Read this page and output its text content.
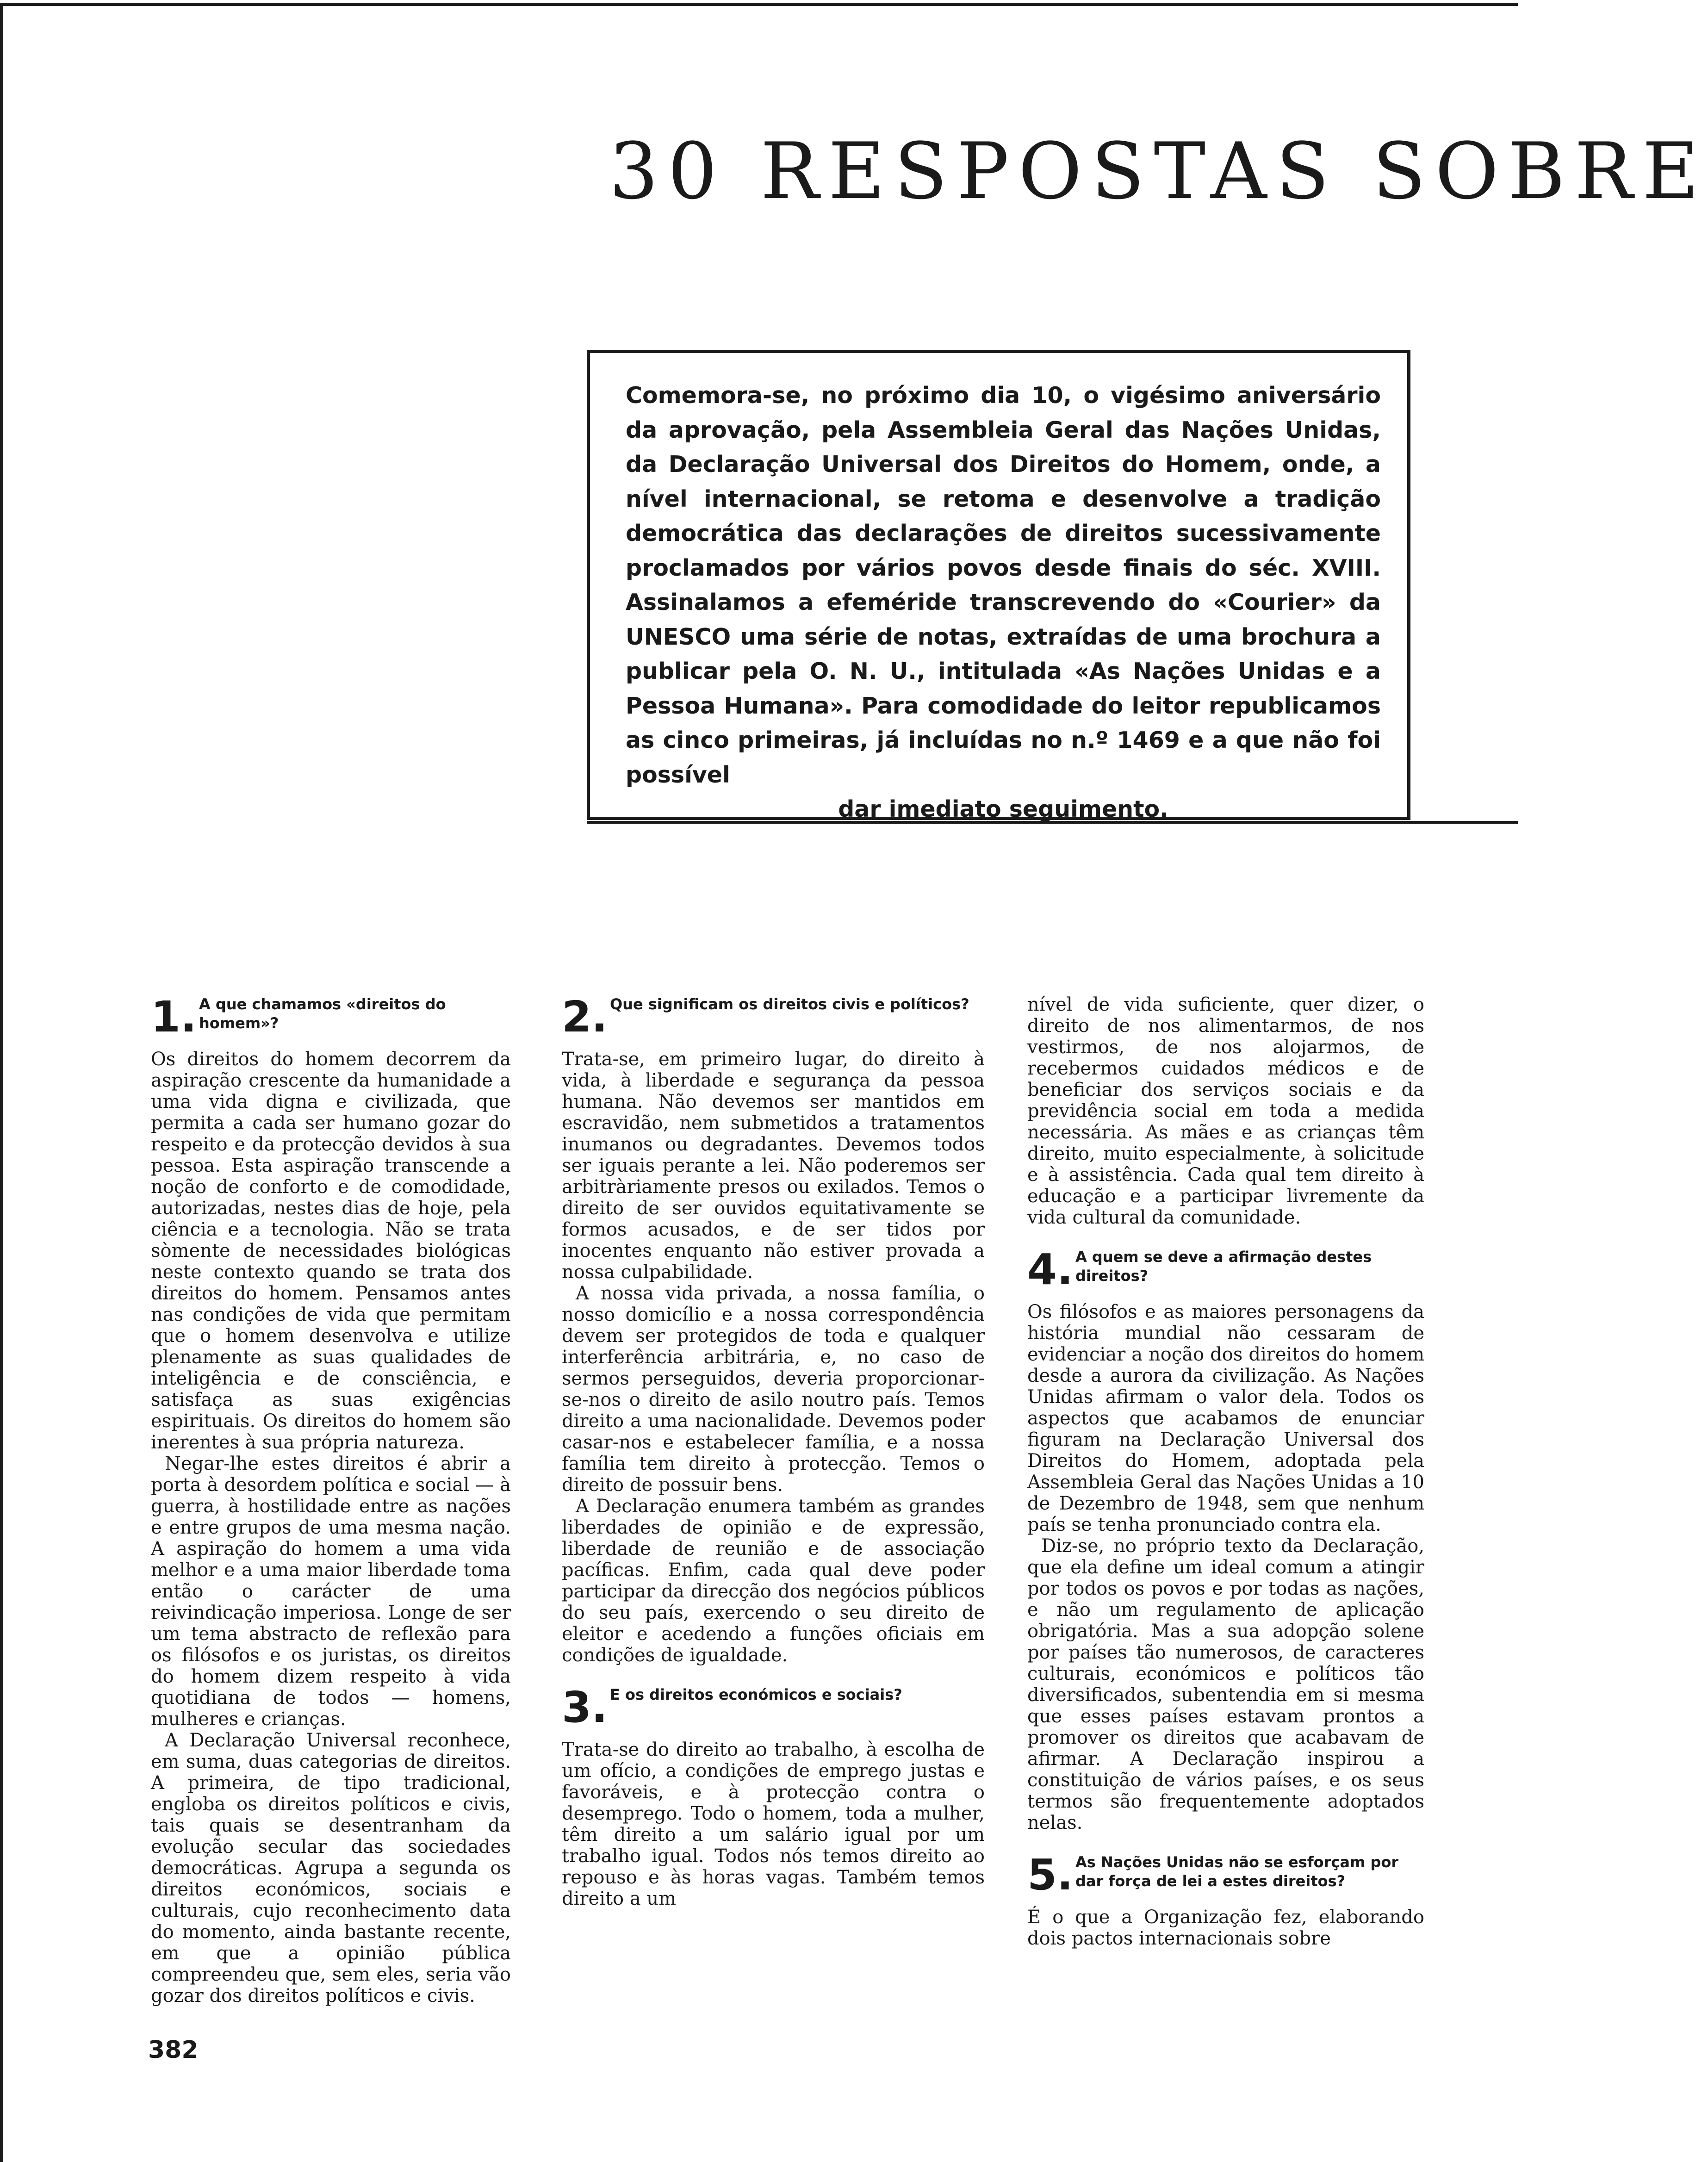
30 RESPOSTAS SOBRE

Comemora-se, no próximo dia 10, o vigésimo aniversário da aprovação, pela Assembleia Geral das Nações Unidas, da Declaração Universal dos Direitos do Homem, onde, a nível internacional, se retoma e desenvolve a tradição democrática das declarações de direitos sucessivamente proclamados por vários povos desde finais do séc. XVIII. Assinalamos a efeméride transcrevendo do «Courier» da UNESCO uma série de notas, extraídas de uma brochura a publicar pela O. N. U., intitulada «As Nações Unidas e a Pessoa Humana». Para comodidade do leitor republicamos as cinco primeiras, já incluídas no n.º 1469 e a que não foi possível
dar imediato seguimento.

1. A que chamamos «direitos do homem»?

Os direitos do homem decorrem da aspiração crescente da humanidade a uma vida digna e civilizada, que permita a cada ser humano gozar do respeito e da protecção devidos à sua pessoa. Esta aspiração transcende a noção de conforto e de comodidade, autorizadas, nestes dias de hoje, pela ciência e a tecnologia. Não se trata sòmente de necessidades biológicas neste contexto quando se trata dos direitos do homem. Pensamos antes nas condições de vida que permitam que o homem desenvolva e utilize plenamente as suas qualidades de inteligência e de consciência, e satisfaça as suas exigências espirituais. Os direitos do homem são inerentes à sua própria natureza.

Negar-lhe estes direitos é abrir a porta à desordem política e social — à guerra, à hostilidade entre as nações e entre grupos de uma mesma nação. A aspiração do homem a uma vida melhor e a uma maior liberdade toma então o carácter de uma reivindicação imperiosa. Longe de ser um tema abstracto de reflexão para os filósofos e os juristas, os direitos do homem dizem respeito à vida quotidiana de todos — homens, mulheres e crianças.

A Declaração Universal reconhece, em suma, duas categorias de direitos. A primeira, de tipo tradicional, engloba os direitos políticos e civis, tais quais se desentranham da evolução secular das sociedades democráticas. Agrupa a segunda os direitos económicos, sociais e culturais, cujo reconhecimento data do momento, ainda bastante recente, em que a opinião pública compreendeu que, sem eles, seria vão gozar dos direitos políticos e civis.

2. Que significam os direitos civis e políticos?

Trata-se, em primeiro lugar, do direito à vida, à liberdade e segurança da pessoa humana. Não devemos ser mantidos em escravidão, nem submetidos a tratamentos inumanos ou degradantes. Devemos todos ser iguais perante a lei. Não poderemos ser arbitràriamente presos ou exilados. Temos o direito de ser ouvidos equitativamente se formos acusados, e de ser tidos por inocentes enquanto não estiver provada a nossa culpabilidade.

A nossa vida privada, a nossa família, o nosso domicílio e a nossa correspondência devem ser protegidos de toda e qualquer interferência arbitrária, e, no caso de sermos perseguidos, deveria proporcionar-se-nos o direito de asilo noutro país. Temos direito a uma nacionalidade. Devemos poder casar-nos e estabelecer família, e a nossa família tem direito à protecção. Temos o direito de possuir bens.

A Declaração enumera também as grandes liberdades de opinião e de expressão, liberdade de reunião e de associação pacíficas. Enfim, cada qual deve poder participar da direcção dos negócios públicos do seu país, exercendo o seu direito de eleitor e acedendo a funções oficiais em condições de igualdade.

3. E os direitos económicos e sociais?

Trata-se do direito ao trabalho, à escolha de um ofício, a condições de emprego justas e favoráveis, e à protecção contra o desemprego. Todo o homem, toda a mulher, têm direito a um salário igual por um trabalho igual. Todos nós temos direito ao repouso e às horas vagas. Também temos direito a um

nível de vida suficiente, quer dizer, o direito de nos alimentarmos, de nos vestirmos, de nos alojarmos, de recebermos cuidados médicos e de beneficiar dos serviços sociais e da previdência social em toda a medida necessária. As mães e as crianças têm direito, muito especialmente, à solicitude e à assistência. Cada qual tem direito à educação e a participar livremente da vida cultural da comunidade.

4. A quem se deve a afirmação destes direitos?

Os filósofos e as maiores personagens da história mundial não cessaram de evidenciar a noção dos direitos do homem desde a aurora da civilização. As Nações Unidas afirmam o valor dela. Todos os aspectos que acabamos de enunciar figuram na Declaração Universal dos Direitos do Homem, adoptada pela Assembleia Geral das Nações Unidas a 10 de Dezembro de 1948, sem que nenhum país se tenha pronunciado contra ela.

Diz-se, no próprio texto da Declaração, que ela define um ideal comum a atingir por todos os povos e por todas as nações, e não um regulamento de aplicação obrigatória. Mas a sua adopção solene por países tão numerosos, de caracteres culturais, económicos e políticos tão diversificados, subentendia em si mesma que esses países estavam prontos a promover os direitos que acabavam de afirmar. A Declaração inspirou a constituição de vários países, e os seus termos são frequentemente adoptados nelas.

5. As Nações Unidas não se esforçam por dar força de lei a estes direitos?

É o que a Organização fez, elaborando dois pactos internacionais sobre

382
